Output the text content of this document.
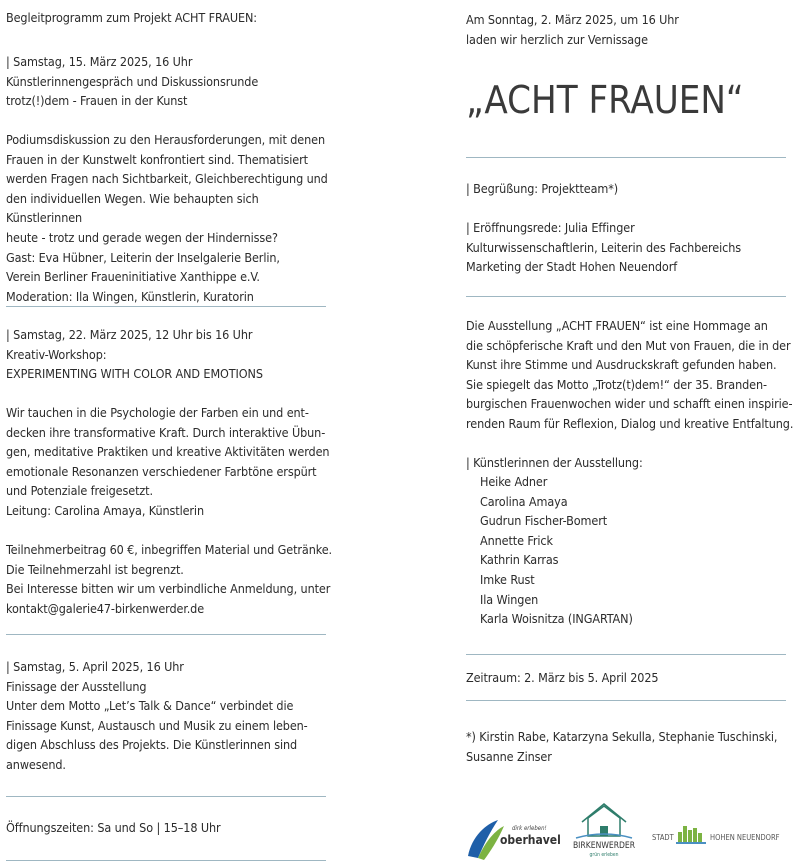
Begleitprogramm zum Projekt ACHT FRAUEN:
| Samstag, 15. März 2025, 16 Uhr
Künstlerinnengespräch und Diskussionsrunde
trotz(!)dem - Frauen in der Kunst
Podiumsdiskussion zu den Herausforderungen, mit denen
Frauen in der Kunstwelt konfrontiert sind. Thematisiert
werden Fragen nach Sichtbarkeit, Gleichberechtigung und
den individuellen Wegen. Wie behaupten sich Künstlerinnen
heute - trotz und gerade wegen der Hindernisse?
Gast: Eva Hübner, Leiterin der Inselgalerie Berlin,
Verein Berliner Fraueninitiative Xanthippe e.V.
Moderation: Ila Wingen, Künstlerin, Kuratorin
| Samstag, 22. März 2025, 12 Uhr bis 16 Uhr
Kreativ-Workshop:
EXPERIMENTING WITH COLOR AND EMOTIONS
Wir tauchen in die Psychologie der Farben ein und ent-
decken ihre transformative Kraft. Durch interaktive Übun-
gen, meditative Praktiken und kreative Aktivitäten werden
emotionale Resonanzen verschiedener Farbtöne erspürt
und Potenziale freigesetzt.
Leitung: Carolina Amaya, Künstlerin
Teilnehmerbeitrag 60 €, inbegriffen Material und Getränke.
Die Teilnehmerzahl ist begrenzt.
Bei Interesse bitten wir um verbindliche Anmeldung, unter
kontakt@galerie47-birkenwerder.de
| Samstag, 5. April 2025, 16 Uhr
Finissage der Ausstellung
Unter dem Motto „Let’s Talk & Dance“ verbindet die
Finissage Kunst, Austausch und Musik zu einem leben-
digen Abschluss des Projekts. Die Künstlerinnen sind
anwesend.
Öffnungszeiten: Sa und So | 15–18 Uhr
Am Sonntag, 2. März 2025, um 16 Uhr
laden wir herzlich zur Vernissage
„ACHT FRAUEN“
| Begrüßung: Projektteam*)
| Eröffnungsrede: Julia Effinger
Kulturwissenschaftlerin, Leiterin des Fachbereichs
Marketing der Stadt Hohen Neuendorf
Die Ausstellung „ACHT FRAUEN“ ist eine Hommage an
die schöpferische Kraft und den Mut von Frauen, die in der
Kunst ihre Stimme und Ausdruckskraft gefunden haben.
Sie spiegelt das Motto „Trotz(t)dem!“ der 35. Branden-
burgischen Frauenwochen wider und schafft einen inspirie-
renden Raum für Reflexion, Dialog und kreative Entfaltung.
| Künstlerinnen der Ausstellung:
Heike Adner
Carolina Amaya
Gudrun Fischer-Bomert
Annette Frick
Kathrin Karras
Imke Rust
Ila Wingen
Karla Woisnitza (INGARTAN)
Zeitraum: 2. März bis 5. April 2025
*) Kirstin Rabe, Katarzyna Sekulla, Stephanie Tuschinski,
Susanne Zinser
dirk erleben!
oberhavel BIRKENWERDER
grün erleben
STADT	HOHEN NEUENDORF
